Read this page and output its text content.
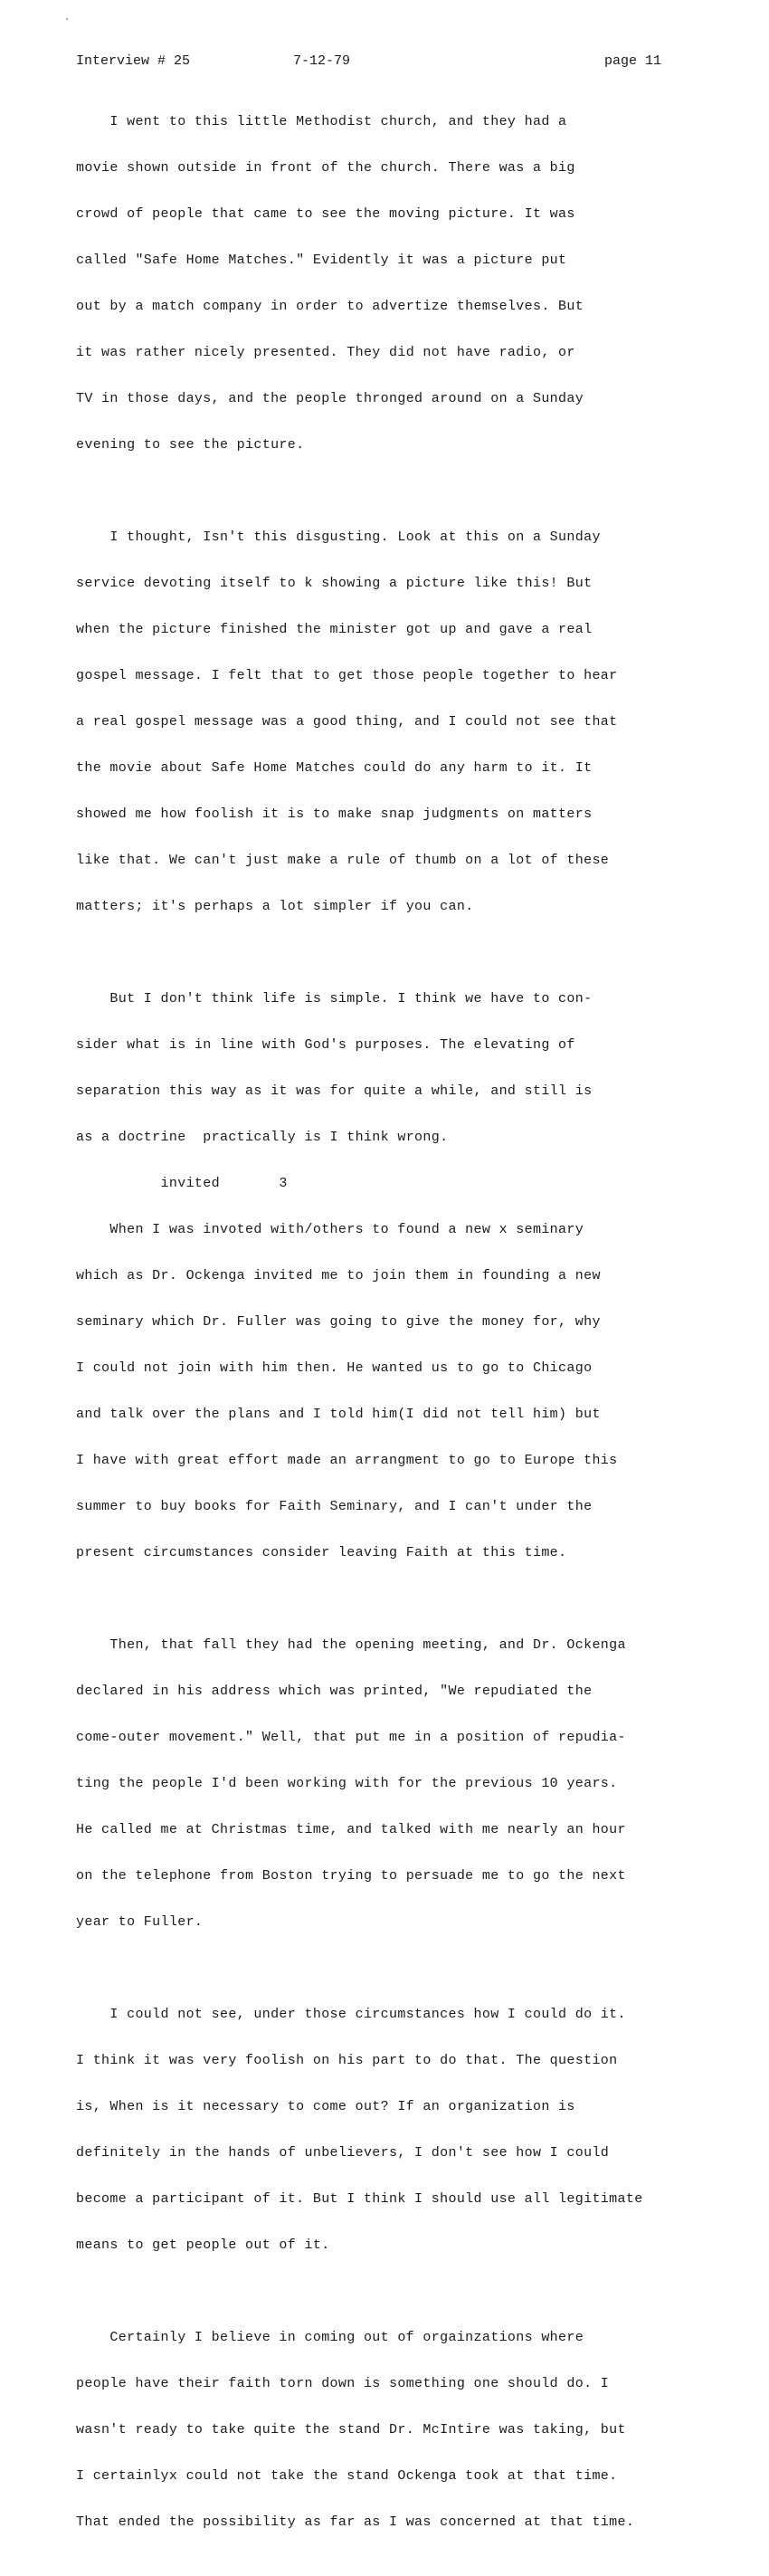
Interview # 25	7-12-79	page 11

I went to this little Methodist church, and they had a

movie shown outside in front of the church. There was a big

crowd of people that came to see the moving picture. It was

called "Safe Home Matches." Evidently it was a picture put

out by a match company in order to advertize themselves. But

it was rather nicely presented. They did not have radio, or

TV in those days, and the people thronged around on a Sunday

evening to see the picture.

I thought, Isn't this disgusting. Look at this on a Sunday

service devoting itself to k showing a picture like this! But

when the picture finished the minister got up and gave a real

gospel message. I felt that to get those people together to hear

a real gospel message was a good thing, and I could not see that

the movie about Safe Home Matches could do any harm to it. It

showed me how foolish it is to make snap judgments on matters

like that. We can't just make a rule of thumb on a lot of these

matters; it's perhaps a lot simpler if you can.

But I don't think life is simple. I think we have to con-

sider what is in line with God's purposes. The elevating of

separation this way as it was for quite a while, and still is

as a doctrine  practically is I think wrong.

invited       3

When I was invoted with/others to found a new x seminary

which as Dr. Ockenga invited me to join them in founding a new

seminary which Dr. Fuller was going to give the money for, why

I could not join with him then. He wanted us to go to Chicago

and talk over the plans and I told him(I did not tell him) but

I have with great effort made an arrangment to go to Europe this

summer to buy books for Faith Seminary, and I can't under the

present circumstances consider leaving Faith at this time.

Then, that fall they had the opening meeting, and Dr. Ockenga

declared in his address which was printed, "We repudiated the

come-outer movement." Well, that put me in a position of repudia-

ting the people I'd been working with for the previous 10 years.

He called me at Christmas time, and talked with me nearly an hour

on the telephone from Boston trying to persuade me to go the next

year to Fuller.

I could not see, under those circumstances how I could do it.

I think it was very foolish on his part to do that. The question

is, When is it necessary to come out? If an organization is

definitely in the hands of unbelievers, I don't see how I could

become a participant of it. But I think I should use all legitimate

means to get people out of it.

Certainly I believe in coming out of orgainzations where

people have their faith torn down is something one should do. I

wasn't ready to take quite the stand Dr. McIntire was taking, but

I certainlyx could not take the stand Ockenga took at that time.

That ended the possibility as far as I was concerned at that time.
